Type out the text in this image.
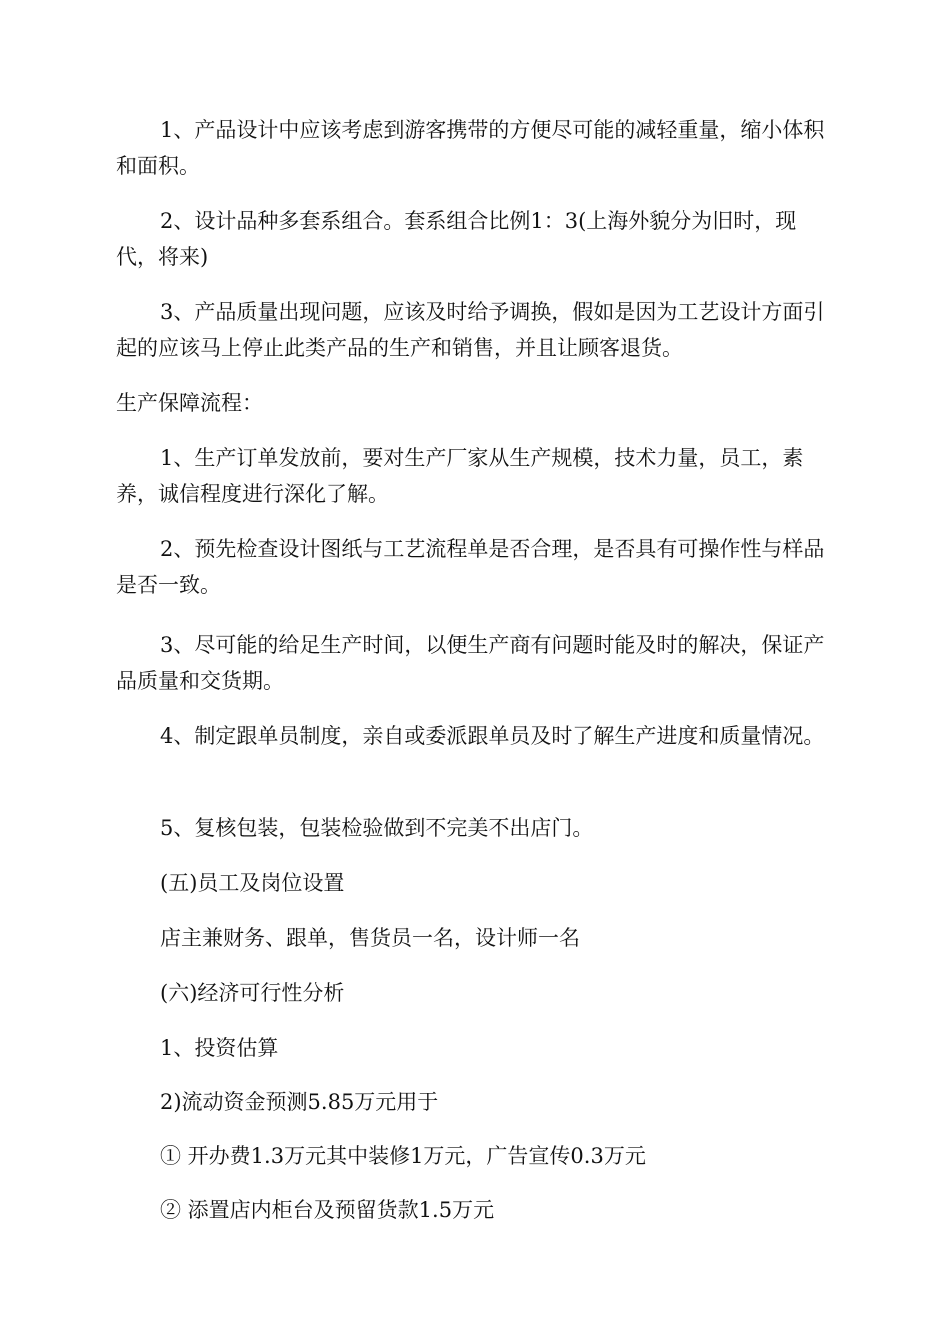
1、产品设计中应该考虑到游客携带的方便尽可能的减轻重量，缩小体积和面积。

2、设计品种多套系组合。套系组合比例1：3(上海外貌分为旧时，现代，将来)

3、产品质量出现问题，应该及时给予调换，假如是因为工艺设计方面引起的应该马上停止此类产品的生产和销售，并且让顾客退货。

生产保障流程：

1、生产订单发放前，要对生产厂家从生产规模，技术力量，员工，素养，诚信程度进行深化了解。

2、预先检查设计图纸与工艺流程单是否合理，是否具有可操作性与样品是否一致。

3、尽可能的给足生产时间，以便生产商有问题时能及时的解决，保证产品质量和交货期。

4、制定跟单员制度，亲自或委派跟单员及时了解生产进度和质量情况。

5、复核包装，包装检验做到不完美不出店门。

(五)员工及岗位设置

店主兼财务、跟单，售货员一名，设计师一名

(六)经济可行性分析

1、投资估算

2)流动资金预测5.85万元用于

① 开办费1.3万元其中装修1万元，广告宣传0.3万元

② 添置店内柜台及预留货款1.5万元
